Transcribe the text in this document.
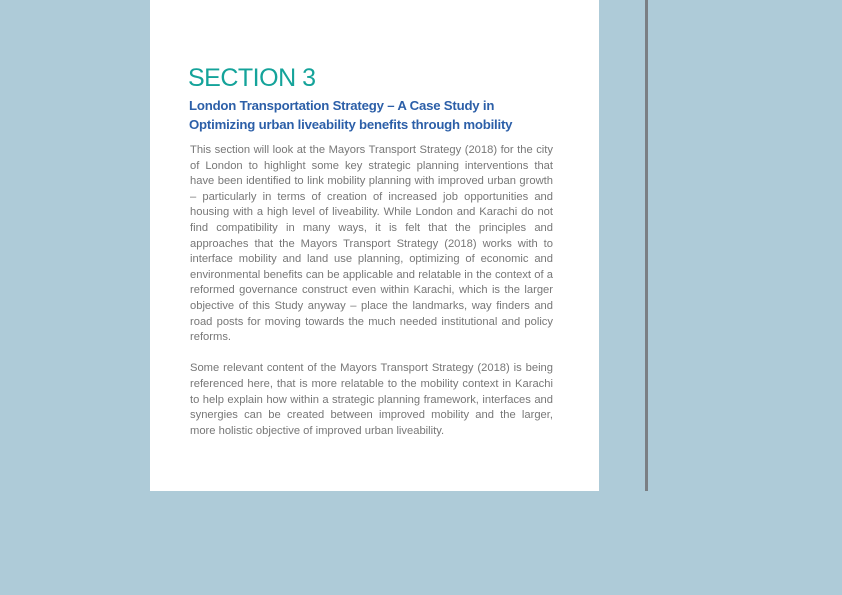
SECTION 3
London Transportation Strategy – A Case Study in
Optimizing urban liveability benefits through mobility

This section will look at the Mayors Transport Strategy (2018) for the city of London to highlight some key strategic planning interventions that have been identified to link mobility planning with improved urban growth – particularly in terms of creation of increased job opportunities and housing with a high level of liveability. While London and Karachi do not find compatibility in many ways, it is felt that the principles and approaches that the Mayors Transport Strategy (2018) works with to interface mobility and land use planning, optimizing of economic and environmental benefits can be applicable and relatable in the context of a reformed governance construct even within Karachi, which is the larger objective of this Study anyway – place the landmarks, way finders and road posts for moving towards the much needed institutional and policy reforms.

Some relevant content of the Mayors Transport Strategy (2018) is being referenced here, that is more relatable to the mobility context in Karachi to help explain how within a strategic planning framework, interfaces and synergies can be created between improved mobility and the larger, more holistic objective of improved urban liveability.
